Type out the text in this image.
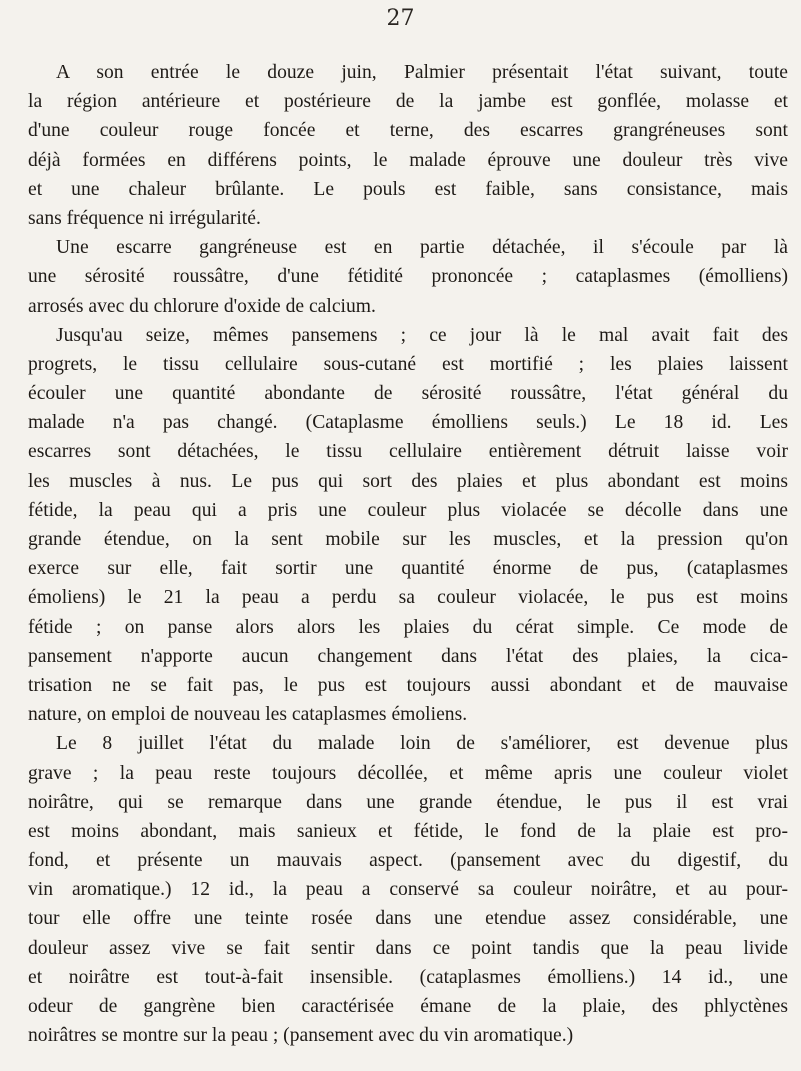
27
A son entrée le douze juin, Palmier présentait l'état suivant, toute
la région antérieure et postérieure de la jambe est gonflée, molasse et
d'une couleur rouge foncée et terne, des escarres grangréneuses sont
déjà formées en différens points, le malade éprouve une douleur très vive
et une chaleur brûlante. Le pouls est faible, sans consistance, mais
sans fréquence ni irrégularité.
Une escarre gangréneuse est en partie détachée, il s'écoule par là
une sérosité roussâtre, d'une fétidité prononcée ; cataplasmes (émolliens)
arrosés avec du chlorure d'oxide de calcium.
Jusqu'au seize, mêmes pansemens ; ce jour là le mal avait fait des
progrets, le tissu cellulaire sous-cutané est mortifié ; les plaies laissent
écouler une quantité abondante de sérosité roussâtre, l'état général du
malade n'a pas changé. (Cataplasme émolliens seuls.) Le 18 id. Les
escarres sont détachées, le tissu cellulaire entièrement détruit laisse voir
les muscles à nus. Le pus qui sort des plaies et plus abondant est moins
fétide, la peau qui a pris une couleur plus violacée se décolle dans une
grande étendue, on la sent mobile sur les muscles, et la pression qu'on
exerce sur elle, fait sortir une quantité énorme de pus, (cataplasmes
émoliens) le 21 la peau a perdu sa couleur violacée, le pus est moins
fétide ; on panse alors alors les plaies du cérat simple. Ce mode de
pansement n'apporte aucun changement dans l'état des plaies, la cica-
trisation ne se fait pas, le pus est toujours aussi abondant et de mauvaise
nature, on emploi de nouveau les cataplasmes émoliens.
Le 8 juillet l'état du malade loin de s'améliorer, est devenue plus
grave ; la peau reste toujours décollée, et même apris une couleur violet
noirâtre, qui se remarque dans une grande étendue, le pus il est vrai
est moins abondant, mais sanieux et fétide, le fond de la plaie est pro-
fond, et présente un mauvais aspect. (pansement avec du digestif, du
vin aromatique.) 12 id., la peau a conservé sa couleur noirâtre, et au pour-
tour elle offre une teinte rosée dans une etendue assez considérable, une
douleur assez vive se fait sentir dans ce point tandis que la peau livide
et noirâtre est tout-à-fait insensible. (cataplasmes émolliens.) 14 id., une
odeur de gangrène bien caractérisée émane de la plaie, des phlyctènes
noirâtres se montre sur la peau ; (pansement avec du vin aromatique.)
